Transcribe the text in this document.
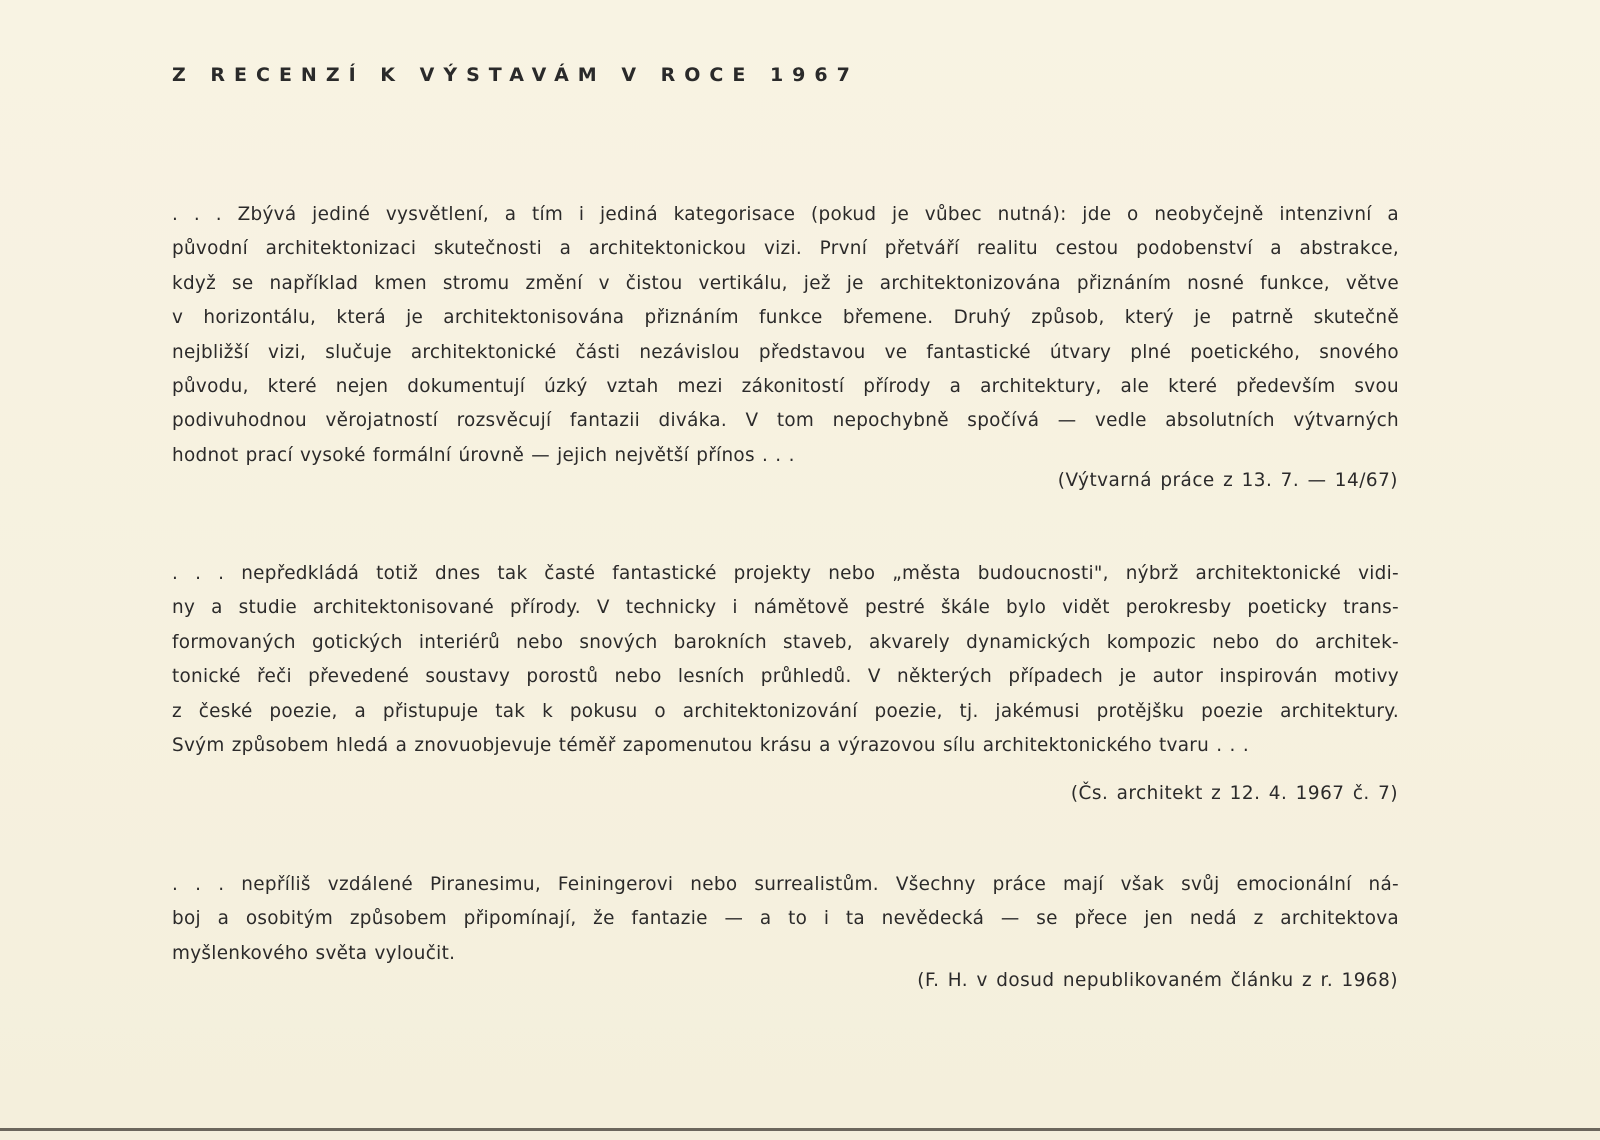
Z RECENZÍ K VÝSTAVÁM V ROCE 1967
. . . Zbývá jediné vysvětlení, a tím i jediná kategorisace (pokud je vůbec nutná): jde o neobyčejně intenzivní a
původní architektonizaci skutečnosti a architektonickou vizi. První přetváří realitu cestou podobenství a abstrakce,
když se například kmen stromu změní v čistou vertikálu, jež je architektonizována přiznáním nosné funkce, větve
v horizontálu, která je architektonisována přiznáním funkce břemene. Druhý způsob, který je patrně skutečně
nejbližší vizi, slučuje architektonické části nezávislou představou ve fantastické útvary plné poetického, snového
původu, které nejen dokumentují úzký vztah mezi zákonitostí přírody a architektury, ale které především svou
podivuhodnou věrojatností rozsvěcují fantazii diváka. V tom nepochybně spočívá — vedle absolutních výtvarných
hodnot prací vysoké formální úrovně — jejich největší přínos . . .
(Výtvarná práce z 13. 7. — 14/67)
. . . nepředkládá totiž dnes tak časté fantastické projekty nebo „města budoucnosti", nýbrž architektonické vidi-
ny a studie architektonisované přírody. V technicky i námětově pestré škále bylo vidět perokresby poeticky trans-
formovaných gotických interiérů nebo snových barokních staveb, akvarely dynamických kompozic nebo do architek-
tonické řeči převedené soustavy porostů nebo lesních průhledů. V některých případech je autor inspirován motivy
z české poezie, a přistupuje tak k pokusu o architektonizování poezie, tj. jakémusi protějšku poezie architektury.
Svým způsobem hledá a znovuobjevuje téměř zapomenutou krásu a výrazovou sílu architektonického tvaru . . .
(Čs. architekt z 12. 4. 1967 č. 7)
. . . nepříliš vzdálené Piranesimu, Feiningerovi nebo surrealistům. Všechny práce mají však svůj emocionální ná-
boj a osobitým způsobem připomínají, že fantazie — a to i ta nevědecká — se přece jen nedá z architektova
myšlenkového světa vyloučit.
(F. H. v dosud nepublikovaném článku z r. 1968)
